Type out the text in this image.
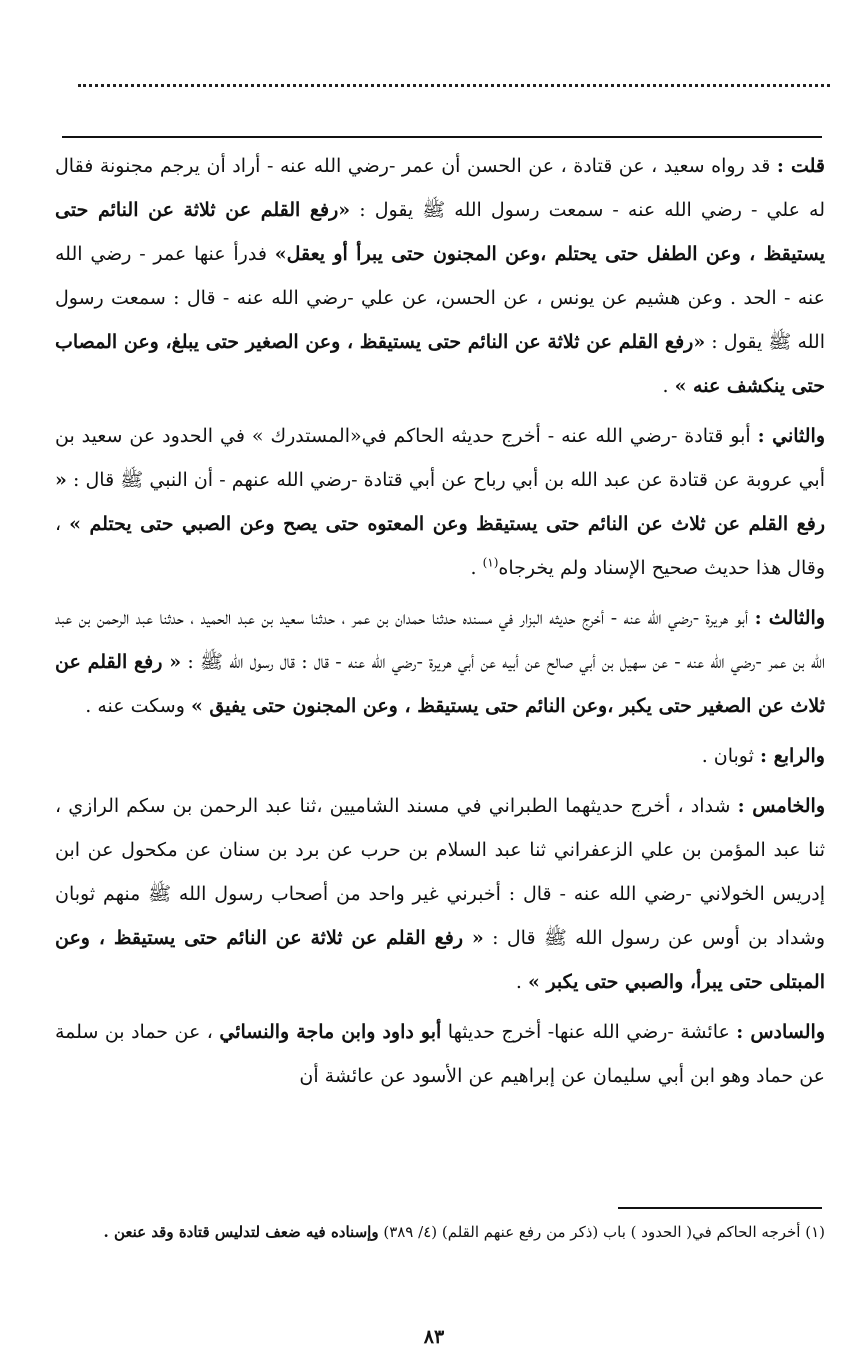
قلت : قد رواه سعيد ، عن قتادة ، عن الحسن أن عمر -رضي الله عنه - أراد أن يرجم مجنونة فقال له علي - رضي الله عنه - سمعت رسول الله ﷺ يقول : «رفع القلم عن ثلاثة عن النائم حتى يستيقظ ، وعن الطفل حتى يحتلم ،وعن المجنون حتى يبرأ أو يعقل» فدرأ عنها عمر - رضي الله عنه - الحد . وعن هشيم عن يونس ، عن الحسن، عن علي -رضي الله عنه - قال : سمعت رسول الله ﷺ يقول : «رفع القلم عن ثلاثة عن النائم حتى يستيقظ ، وعن الصغير حتى يبلغ، وعن المصاب حتى ينكشف عنه » .

والثاني : أبو قتادة -رضي الله عنه - أخرج حديثه الحاكم في«المستدرك » في الحدود عن سعيد بن أبي عروبة عن قتادة عن عبد الله بن أبي رباح عن أبي قتادة -رضي الله عنهم - أن النبي ﷺ قال : « رفع القلم عن ثلاث عن النائم حتى يستيقظ وعن المعتوه حتى يصح وعن الصبي حتى يحتلم » ، وقال هذا حديث صحيح الإسناد ولم يخرجاه$^{(١)}$ .

والثالث : أبو هريرة -رضي الله عنه - أخرج حديثه البزار في مسنده حدثنا حمدان بن عمر ، حدثنا سعيد بن عبد الحميد ، حدثنا عبد الرحمن بن عبد الله بن عمر -رضي الله عنه - عن سهيل بن أبي صالح عن أبيه عن أبي هريرة -رضي الله عنه - قال : قال رسول الله ﷺ : « رفع القلم عن ثلاث عن الصغير حتى يكبر ،وعن النائم حتى يستيقظ ، وعن المجنون حتى يفيق » وسكت عنه .

والرابع : ثوبان .

والخامس : شداد ، أخرج حديثهما الطبراني في مسند الشاميين ،ثنا عبد الرحمن بن سكم الرازي ، ثنا عبد المؤمن بن علي الزعفراني ثنا عبد السلام بن حرب عن برد بن سنان عن مكحول عن ابن إدريس الخولاني -رضي الله عنه - قال : أخبرني غير واحد من أصحاب رسول الله ﷺ منهم ثوبان وشداد بن أوس عن رسول الله ﷺ قال : « رفع القلم عن ثلاثة عن النائم حتى يستيقظ ، وعن المبتلى حتى يبرأ، والصبي حتى يكبر » .

والسادس : عائشة -رضي الله عنها- أخرج حديثها أبو داود وابن ماجة والنسائي ، عن حماد بن سلمة عن حماد وهو ابن أبي سليمان عن إبراهيم عن الأسود عن عائشة أن

(١) أخرجه الحاكم في( الحدود ) باب (ذكر من رفع عنهم القلم) (٤/ ٣٨٩) وإسناده فيه ضعف لتدليس قتادة وقد عنعن .
٨٣
